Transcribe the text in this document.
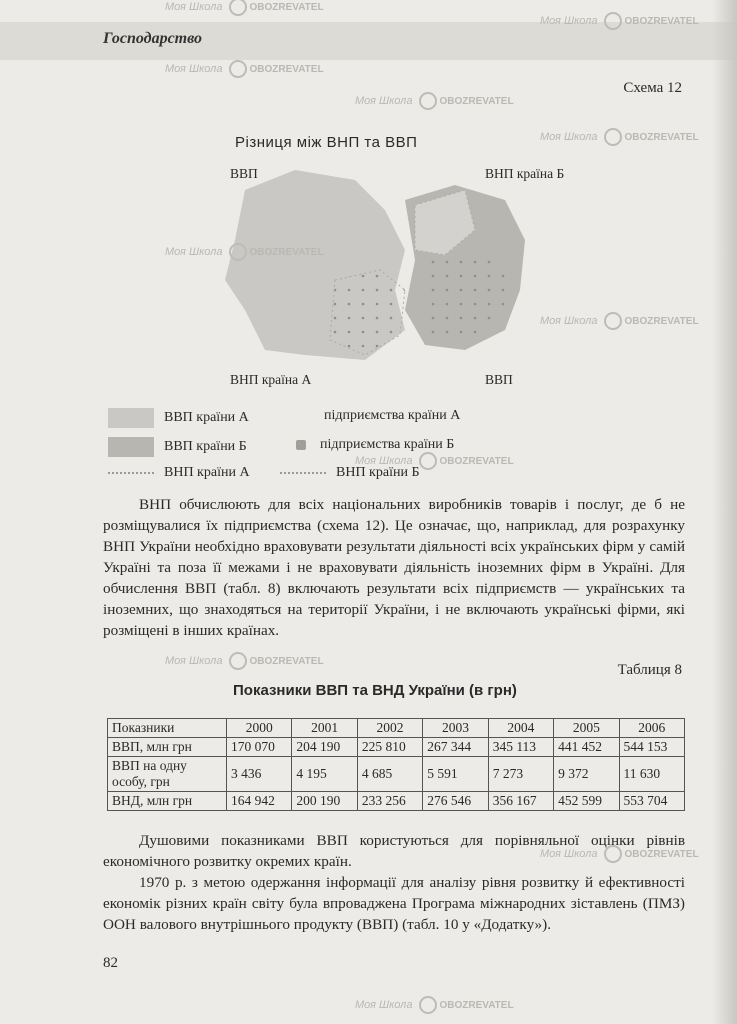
Господарство
Схема 12
Різниця між ВНП та ВВП
ВВП	ВНП країна Б
ВНП країна А	ВВП
ВВП країни А	підприємства країни А
ВВП країни Б	підприємства країни Б
ВНП країни А	ВНП країни Б

ВНП обчислюють для всіх національних виробників товарів і послуг, де б не розміщувалися їх підприємства (схема 12). Це означає, що, наприклад, для розрахунку ВНП України необхідно враховувати результати діяльності всіх українських фірм у самій Україні та поза її межами і не враховувати діяльність іноземних фірм в Україні. Для обчислення ВВП (табл. 8) включають результати всіх підприємств — українських та іноземних, що знаходяться на території України, і не включають українські фірми, які розміщені в інших країнах.

Таблиця 8
Показники ВВП та ВНД України (в грн)
Показники	2000	2001	2002	2003	2004	2005	2006
ВВП, млн грн	170 070	204 190	225 810	267 344	345 113	441 452	544 153
ВВП на одну особу, грн	3 436	4 195	4 685	5 591	7 273	9 372	11 630
ВНД, млн грн	164 942	200 190	233 256	276 546	356 167	452 599	553 704

Душовими показниками ВВП користуються для порівняльної оцінки рівнів економічного розвитку окремих країн.

1970 р. з метою одержання інформації для аналізу рівня розвитку й ефективності економік різних країн світу була впроваджена Програма міжнародних зіставлень (ПМЗ) ООН валового внутрішнього продукту (ВВП) (табл. 10 у «Додатку»).

82
Моя Школа	OBOZREVATEL
Моя Школа	OBOZREVATEL
Моя Школа	OBOZREVATEL
Моя Школа	OBOZREVATEL
Моя Школа	OBOZREVATEL
Моя Школа	OBOZREVATEL
Моя Школа	OBOZREVATEL
Моя Школа	OBOZREVATEL
Моя Школа	OBOZREVATEL
Моя Школа	OBOZREVATEL
Моя Школа	OBOZREVATEL
